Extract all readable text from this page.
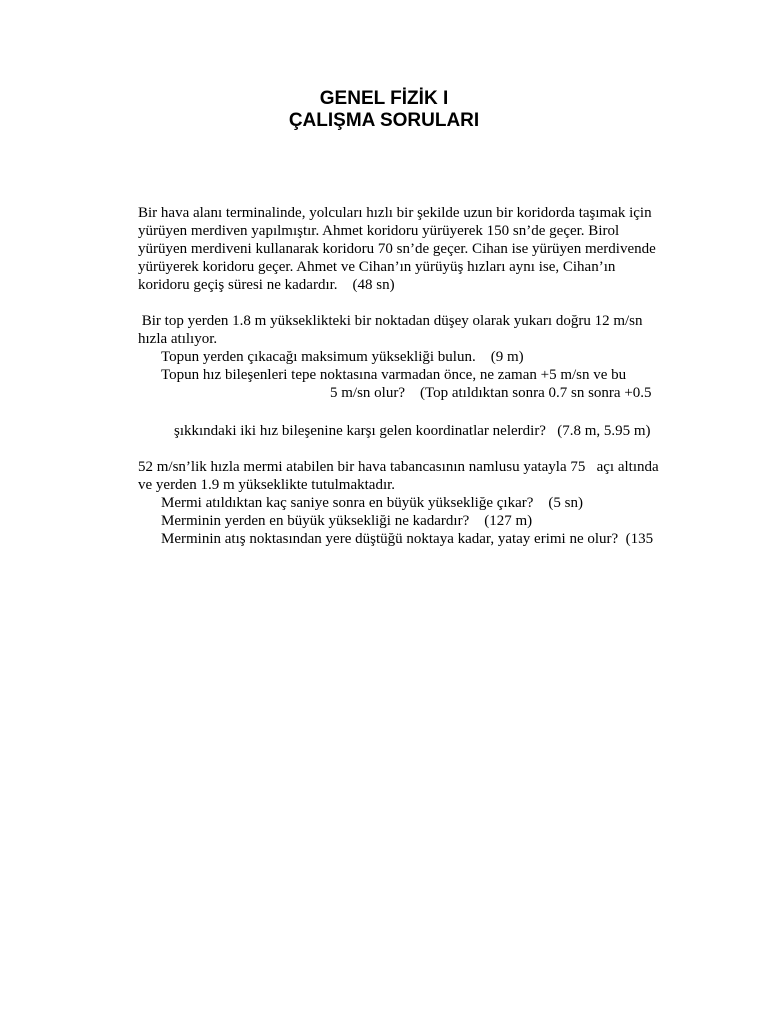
GENEL FİZİK I
ÇALIŞMA SORULARI
Bir hava alanı terminalinde, yolcuları hızlı bir şekilde uzun bir koridorda taşımak için
yürüyen merdiven yapılmıştır. Ahmet koridoru yürüyerek 150 sn’de geçer. Birol
yürüyen merdiveni kullanarak koridoru 70 sn’de geçer. Cihan ise yürüyen merdivende
yürüyerek koridoru geçer. Ahmet ve Cihan’ın yürüyüş hızları aynı ise, Cihan’ın
koridoru geçiş süresi ne kadardır.    (48 sn)
Bir top yerden 1.8 m yükseklikteki bir noktadan düşey olarak yukarı doğru 12 m/sn
hızla atılıyor.
Topun yerden çıkacağı maksimum yüksekliği bulun.    (9 m)
Topun hız bileşenleri tepe noktasına varmadan önce, ne zaman +5 m/sn ve bu
5 m/sn olur?    (Top atıldıktan sonra 0.7 sn sonra +0.5
şıkkındaki iki hız bileşenine karşı gelen koordinatlar nelerdir?   (7.8 m, 5.95 m)
52 m/sn’lik hızla mermi atabilen bir hava tabancasının namlusu yatayla 75   açı altında
ve yerden 1.9 m yükseklikte tutulmaktadır.
Mermi atıldıktan kaç saniye sonra en büyük yüksekliğe çıkar?    (5 sn)
Merminin yerden en büyük yüksekliği ne kadardır?    (127 m)
Merminin atış noktasından yere düştüğü noktaya kadar, yatay erimi ne olur?  (135
